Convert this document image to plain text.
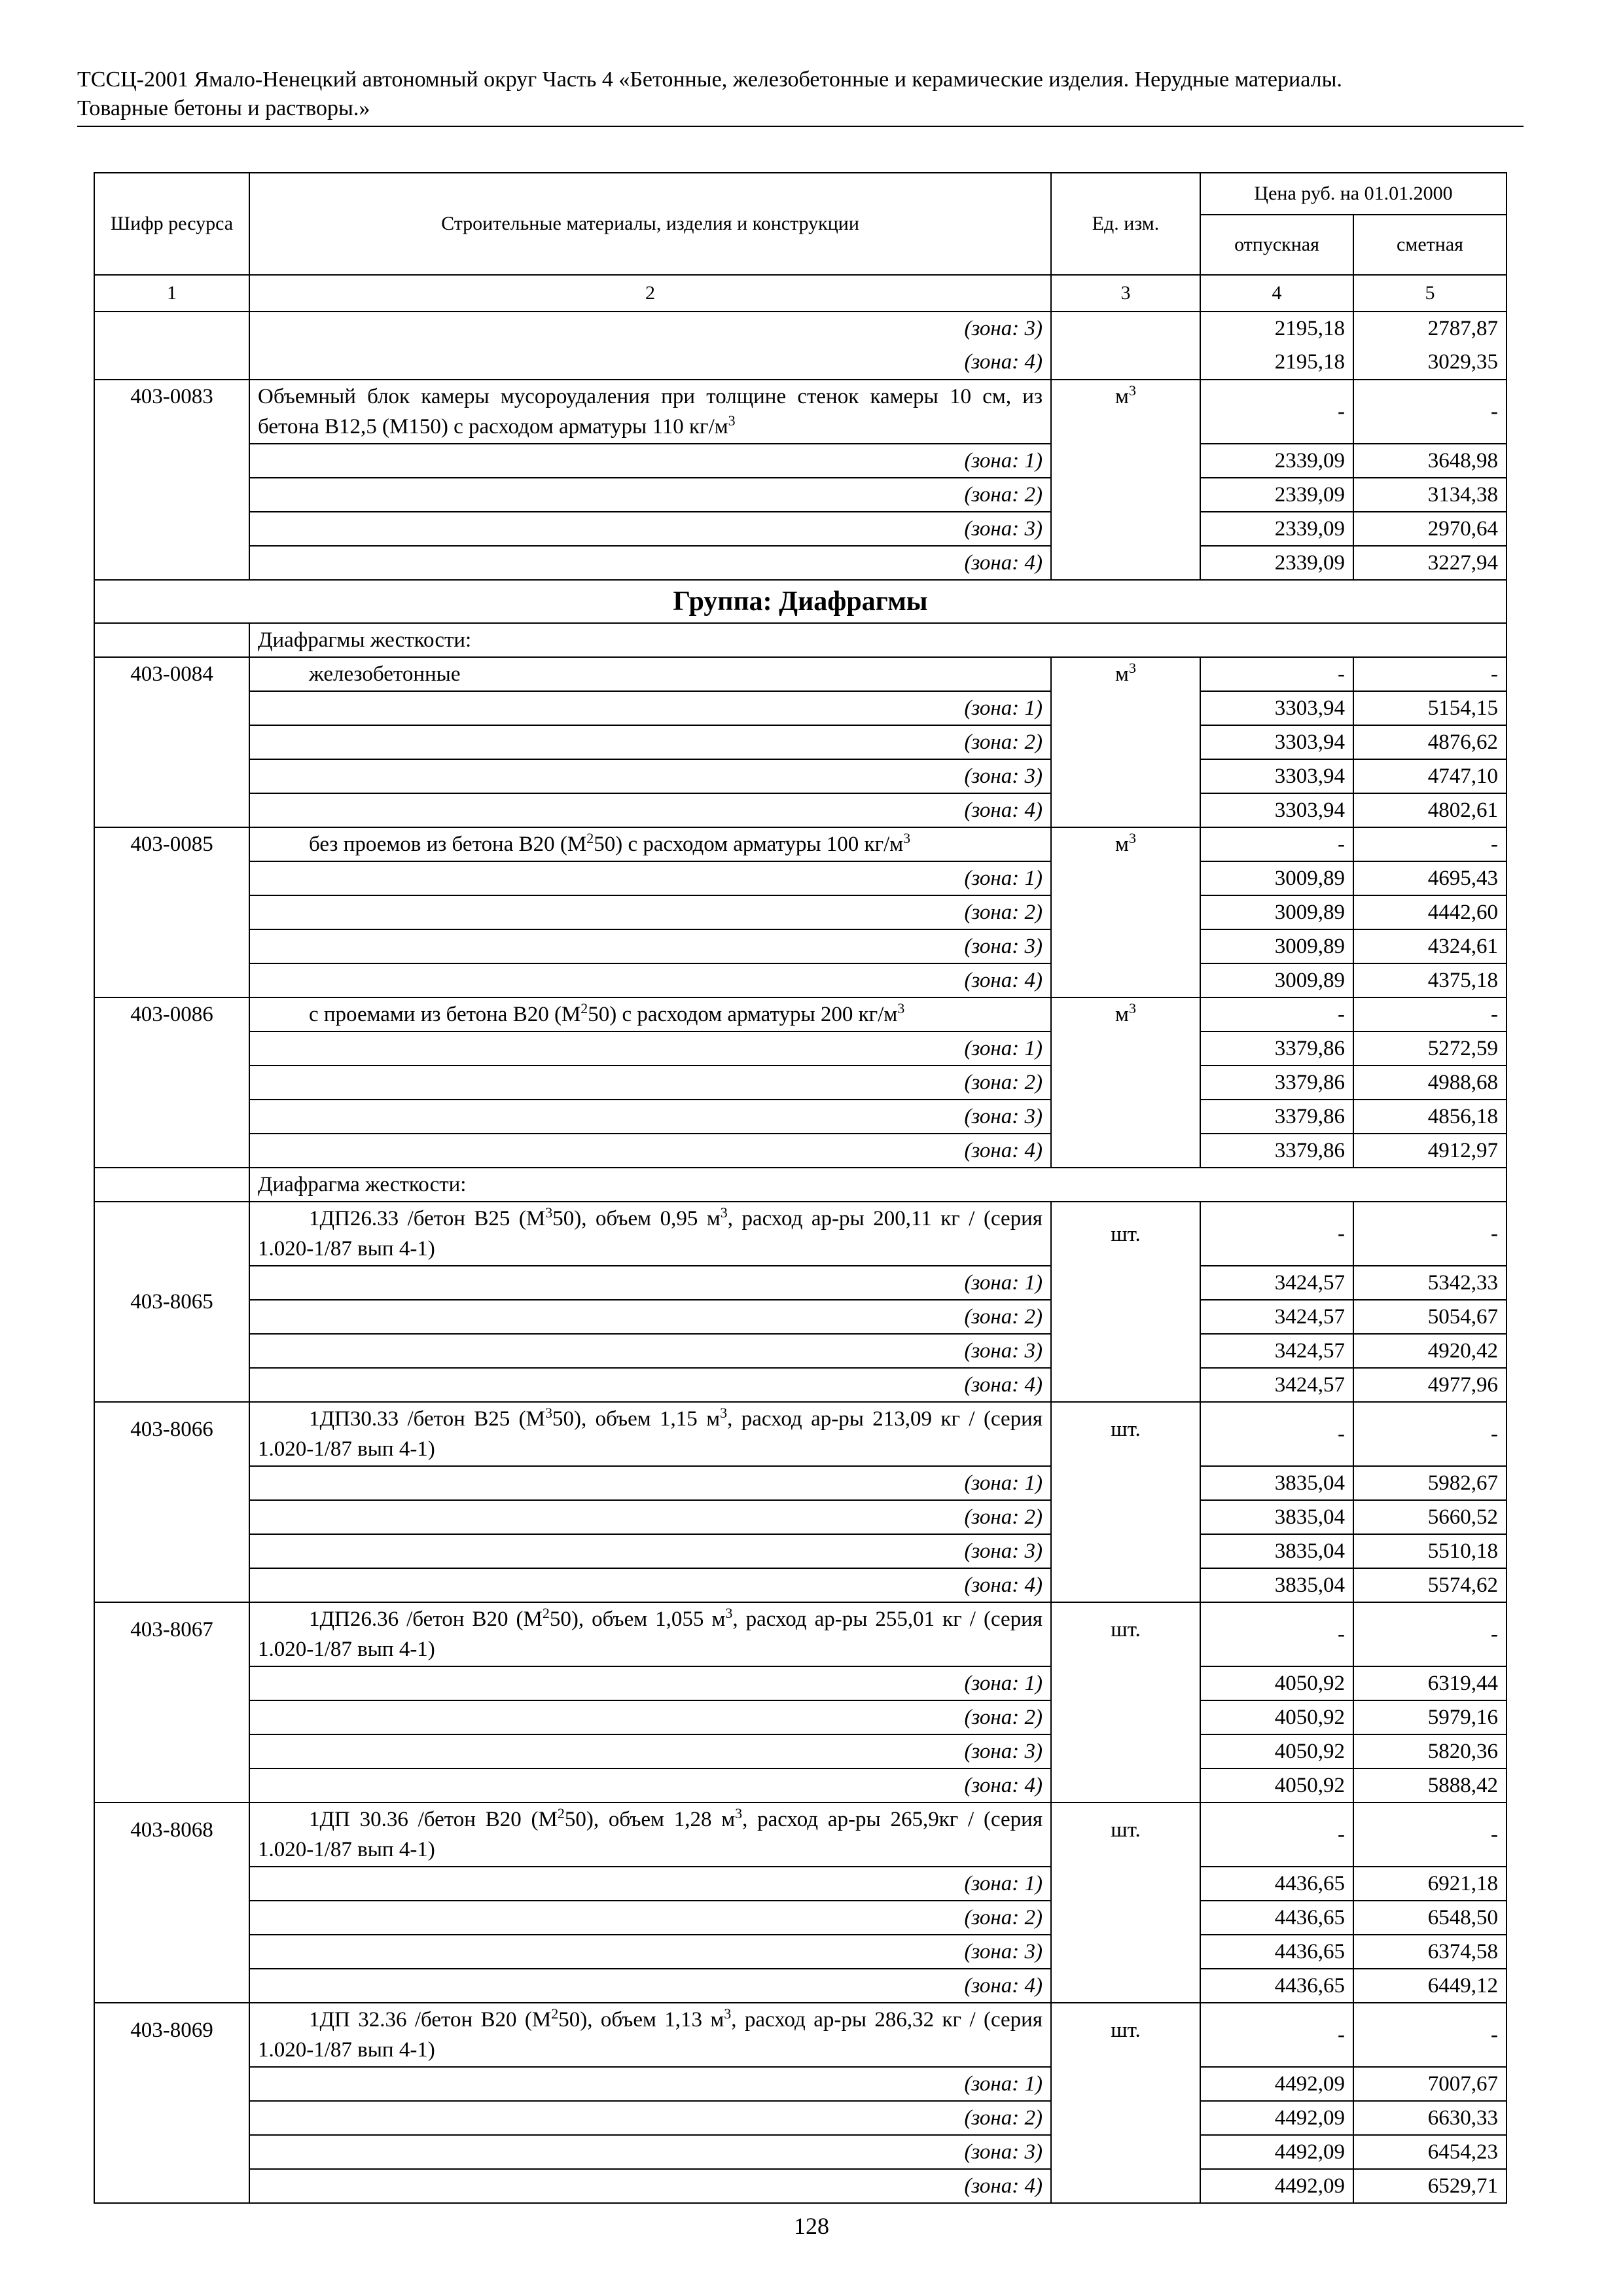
ТССЦ-2001 Ямало-Ненецкий автономный округ Часть 4 «Бетонные, железобетонные и керамические изделия. Нерудные материалы.
Товарные бетоны и растворы.»
Шифр ресурса	Строительные материалы, изделия и конструкции	Ед. изм.	Цена руб. на 01.01.2000	
			отпускная	сметная
1	2	3	4	5
	(зона: 3)		2195,18	2787,87
	(зона: 4)		2195,18	3029,35
403-0083	Объемный блок камеры мусороудаления при толщине стенок камеры 10 см, из бетона В12,5 (М150) с расходом арматуры 110 $кг/м^3$	$м^3$	-	-
	(зона: 1)		2339,09	3648,98
	(зона: 2)		2339,09	3134,38
	(зона: 3)		2339,09	2970,64
	(зона: 4)		2339,09	3227,94
Группа: Диафрагмы				
	Диафрагмы жесткости:			
403-0084	железобетонные	$м^3$	-	-
	(зона: 1)		3303,94	5154,15
	(зона: 2)		3303,94	4876,62
	(зона: 3)		3303,94	4747,10
	(зона: 4)		3303,94	4802,61
403-0085	без проемов из бетона В20 $(М^250)$ с расходом арматуры 100 $кг/м^3$	$м^3$	-	-
	(зона: 1)		3009,89	4695,43
	(зона: 2)		3009,89	4442,60
	(зона: 3)		3009,89	4324,61
	(зона: 4)		3009,89	4375,18
403-0086	с проемами из бетона В20 $(М^250)$ с расходом арматуры 200 $кг/м^3$	$м^3$	-	-
	(зона: 1)		3379,86	5272,59
	(зона: 2)		3379,86	4988,68
	(зона: 3)		3379,86	4856,18
	(зона: 4)		3379,86	4912,97
	Диафрагма жесткости:			
403-8065	1ДП26.33 /бетон В25 $(М^350)$, объем 0,95 $м^3$, расход ар-ры 200,11 кг / (серия 1.020-1/87 вып 4-1)	шт.	-	-
	(зона: 1)		3424,57	5342,33
	(зона: 2)		3424,57	5054,67
	(зона: 3)		3424,57	4920,42
	(зона: 4)		3424,57	4977,96

403-8066	1ДП30.33 /бетон В25 $(М^350)$, объем 1,15 $м^3$, расход ар-ры 213,09 кг / (серия 1.020-1/87 вып 4-1)	шт.	-	-
	(зона: 1)		3835,04	5982,67
	(зона: 2)		3835,04	5660,52
	(зона: 3)		3835,04	5510,18
	(зона: 4)		3835,04	5574,62

403-8067	1ДП26.36 /бетон В20 $(М^250)$, объем 1,055 $м^3$, расход ар-ры 255,01 кг / (серия 1.020-1/87 вып 4-1)	шт.	-	-
	(зона: 1)		4050,92	6319,44
	(зона: 2)		4050,92	5979,16
	(зона: 3)		4050,92	5820,36
	(зона: 4)		4050,92	5888,42

403-8068	1ДП 30.36 /бетон В20 $(М^250)$, объем 1,28 $м^3$, расход ар-ры 265,9кг / (серия 1.020-1/87 вып 4-1)	шт.	-	-
	(зона: 1)		4436,65	6921,18
	(зона: 2)		4436,65	6548,50
	(зона: 3)		4436,65	6374,58
	(зона: 4)		4436,65	6449,12

403-8069	1ДП 32.36 /бетон В20 $(М^250)$, объем 1,13 $м^3$, расход ар-ры 286,32 кг / (серия 1.020-1/87 вып 4-1)	шт.	-	-
	(зона: 1)		4492,09	7007,67
	(зона: 2)		4492,09	6630,33
	(зона: 3)		4492,09	6454,23
	(зона: 4)		4492,09	6529,71
128
